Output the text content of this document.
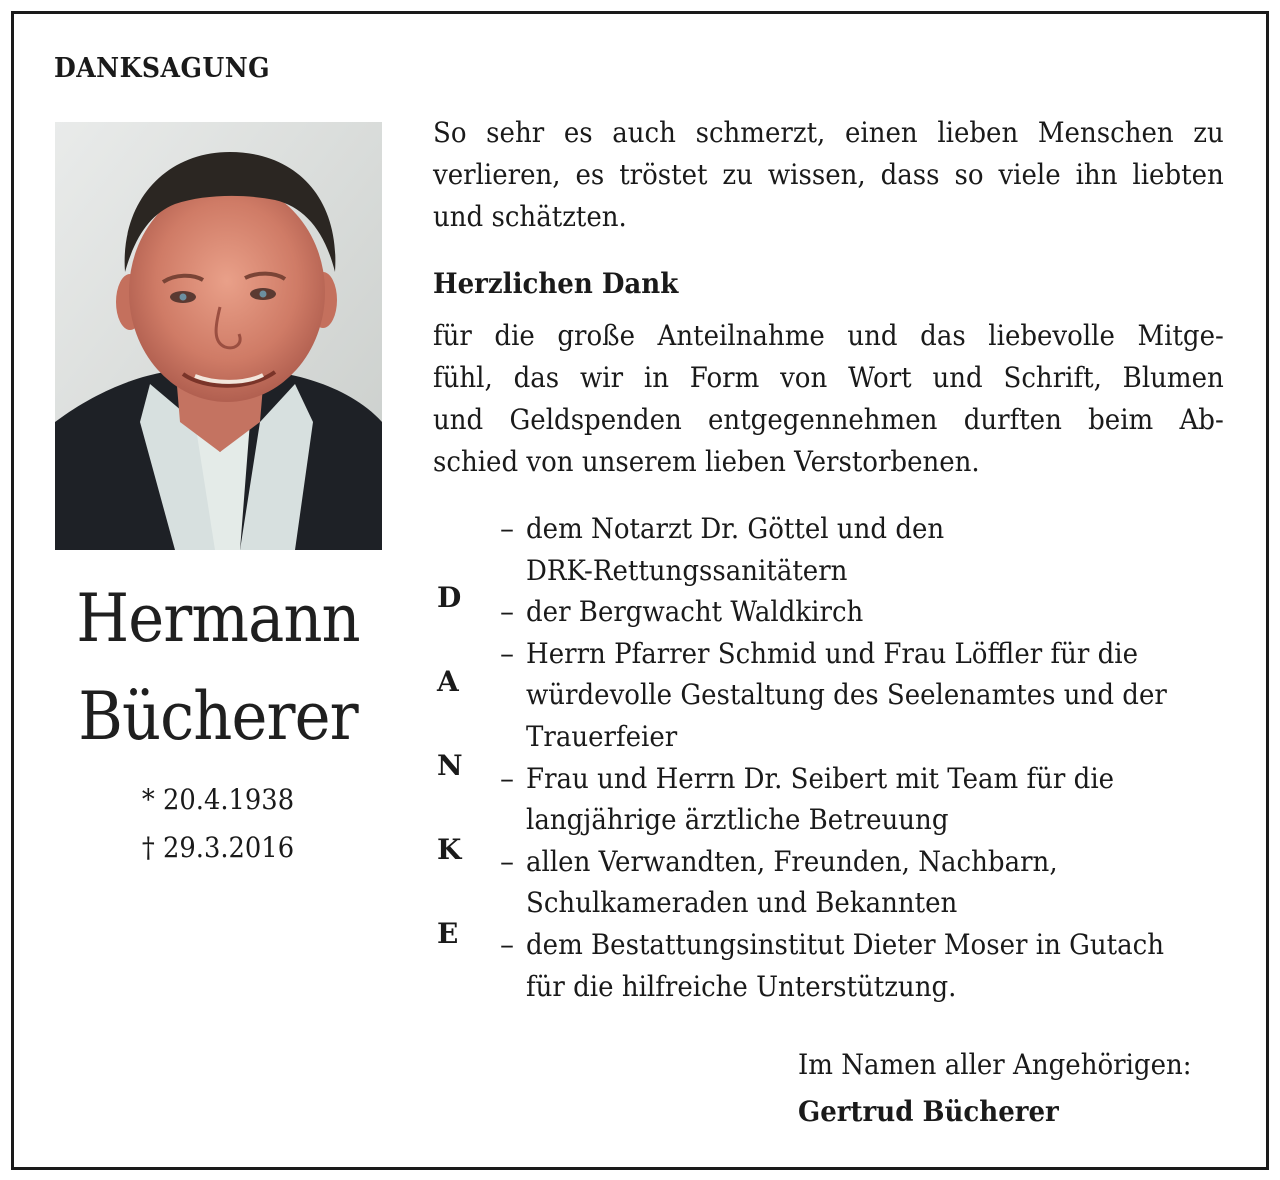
DANKSAGUNG
Hermann
Bücherer
* 20.4.1938
† 29.3.2016

So sehr es auch schmerzt, einen lieben Menschen zu
verlieren, es tröstet zu wissen, dass so viele ihn liebten
und schätzten.

Herzlichen Dank

für die große Anteilnahme und das liebevolle Mitge-
fühl, das wir in Form von Wort und Schrift, Blumen
und Geldspenden entgegennehmen durften beim Ab-
schied von unserem lieben Verstorbenen.

D
A
N
K
E
– dem Notarzt Dr. Göttel und den
DRK-Rettungssanitätern
– der Bergwacht Waldkirch
– Herrn Pfarrer Schmid und Frau Löffler für die
würdevolle Gestaltung des Seelenamtes und der
Trauerfeier
– Frau und Herrn Dr. Seibert mit Team für die
langjährige ärztliche Betreuung
– allen Verwandten, Freunden, Nachbarn,
Schulkameraden und Bekannten
– dem Bestattungsinstitut Dieter Moser in Gutach
für die hilfreiche Unterstützung.
Im Namen aller Angehörigen:
Gertrud Bücherer
